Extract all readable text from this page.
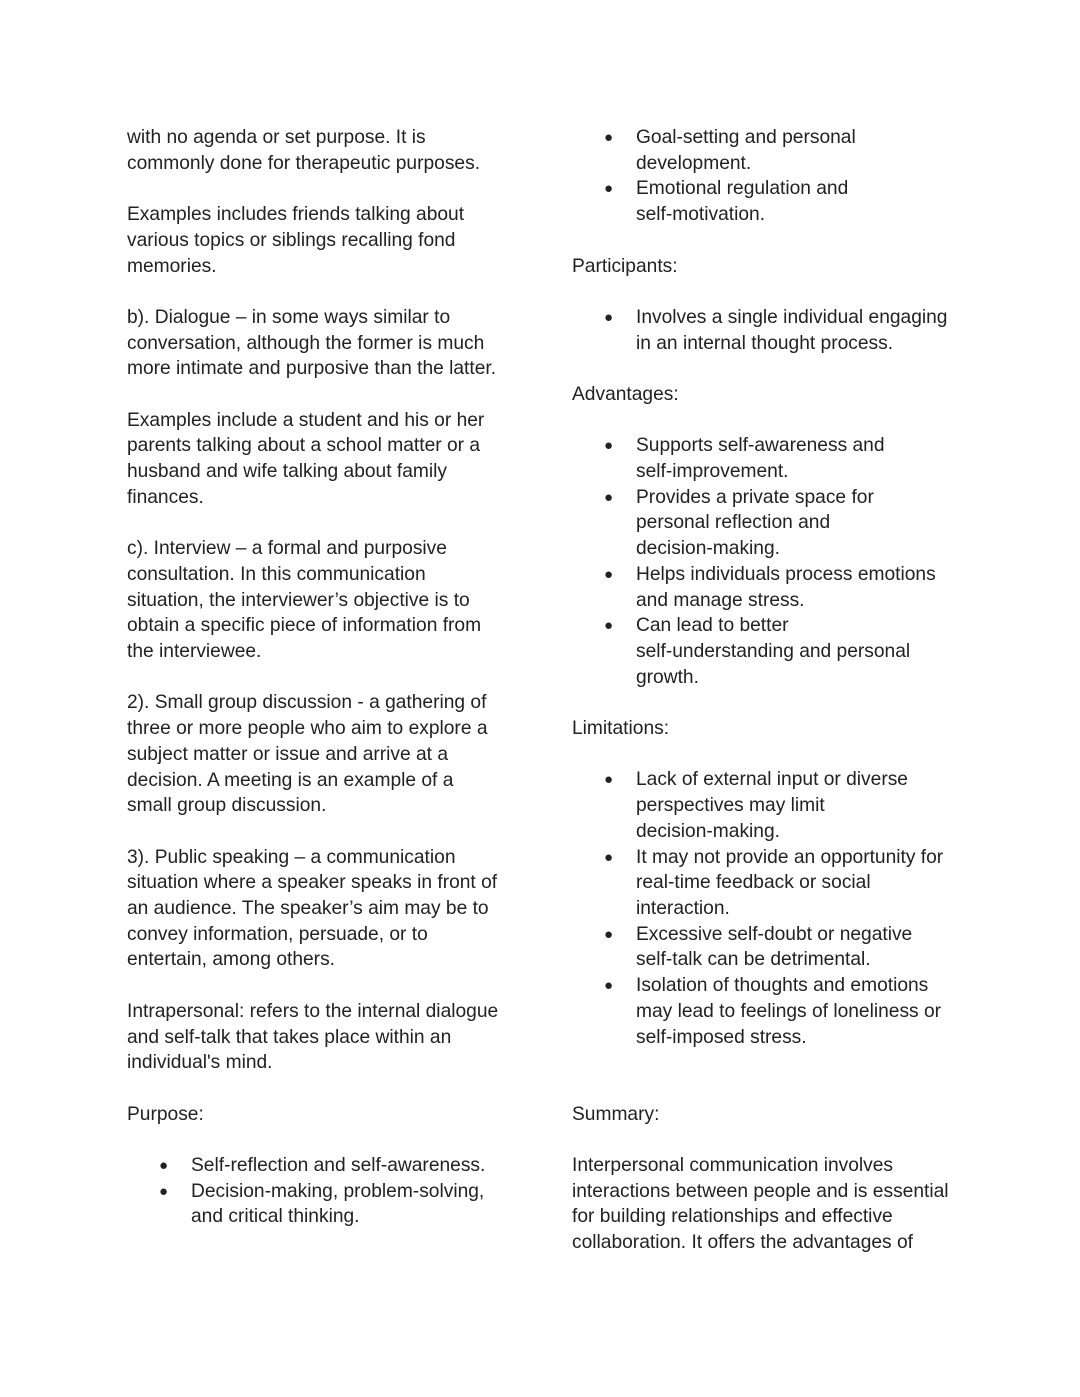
with no agenda or set purpose. It is

commonly done for therapeutic purposes.

Examples includes friends talking about

various topics or siblings recalling fond

memories.

b). Dialogue – in some ways similar to

conversation, although the former is much

more intimate and purposive than the latter.

Examples include a student and his or her

parents talking about a school matter or a

husband and wife talking about family

finances.

c). Interview – a formal and purposive

consultation. In this communication

situation, the interviewer’s objective is to

obtain a specific piece of information from

the interviewee.

2). Small group discussion - a gathering of

three or more people who aim to explore a

subject matter or issue and arrive at a

decision. A meeting is an example of a

small group discussion.

3). Public speaking – a communication

situation where a speaker speaks in front of

an audience. The speaker’s aim may be to

convey information, persuade, or to

entertain, among others.

Intrapersonal: refers to the internal dialogue

and self-talk that takes place within an

individual's mind.

Purpose:

● Self-reflection and self-awareness.
● Decision-making, problem-solving,
and critical thinking.
● Goal-setting and personal
development.
● Emotional regulation and
self-motivation.

Participants:

● Involves a single individual engaging
in an internal thought process.

Advantages:

● Supports self-awareness and
self-improvement.
● Provides a private space for
personal reflection and
decision-making.
● Helps individuals process emotions
and manage stress.
● Can lead to better
self-understanding and personal
growth.

Limitations:

● Lack of external input or diverse
perspectives may limit
decision-making.
● It may not provide an opportunity for
real-time feedback or social
interaction.
● Excessive self-doubt or negative
self-talk can be detrimental.
● Isolation of thoughts and emotions
may lead to feelings of loneliness or
self-imposed stress.

Summary:

Interpersonal communication involves

interactions between people and is essential

for building relationships and effective

collaboration. It offers the advantages of
